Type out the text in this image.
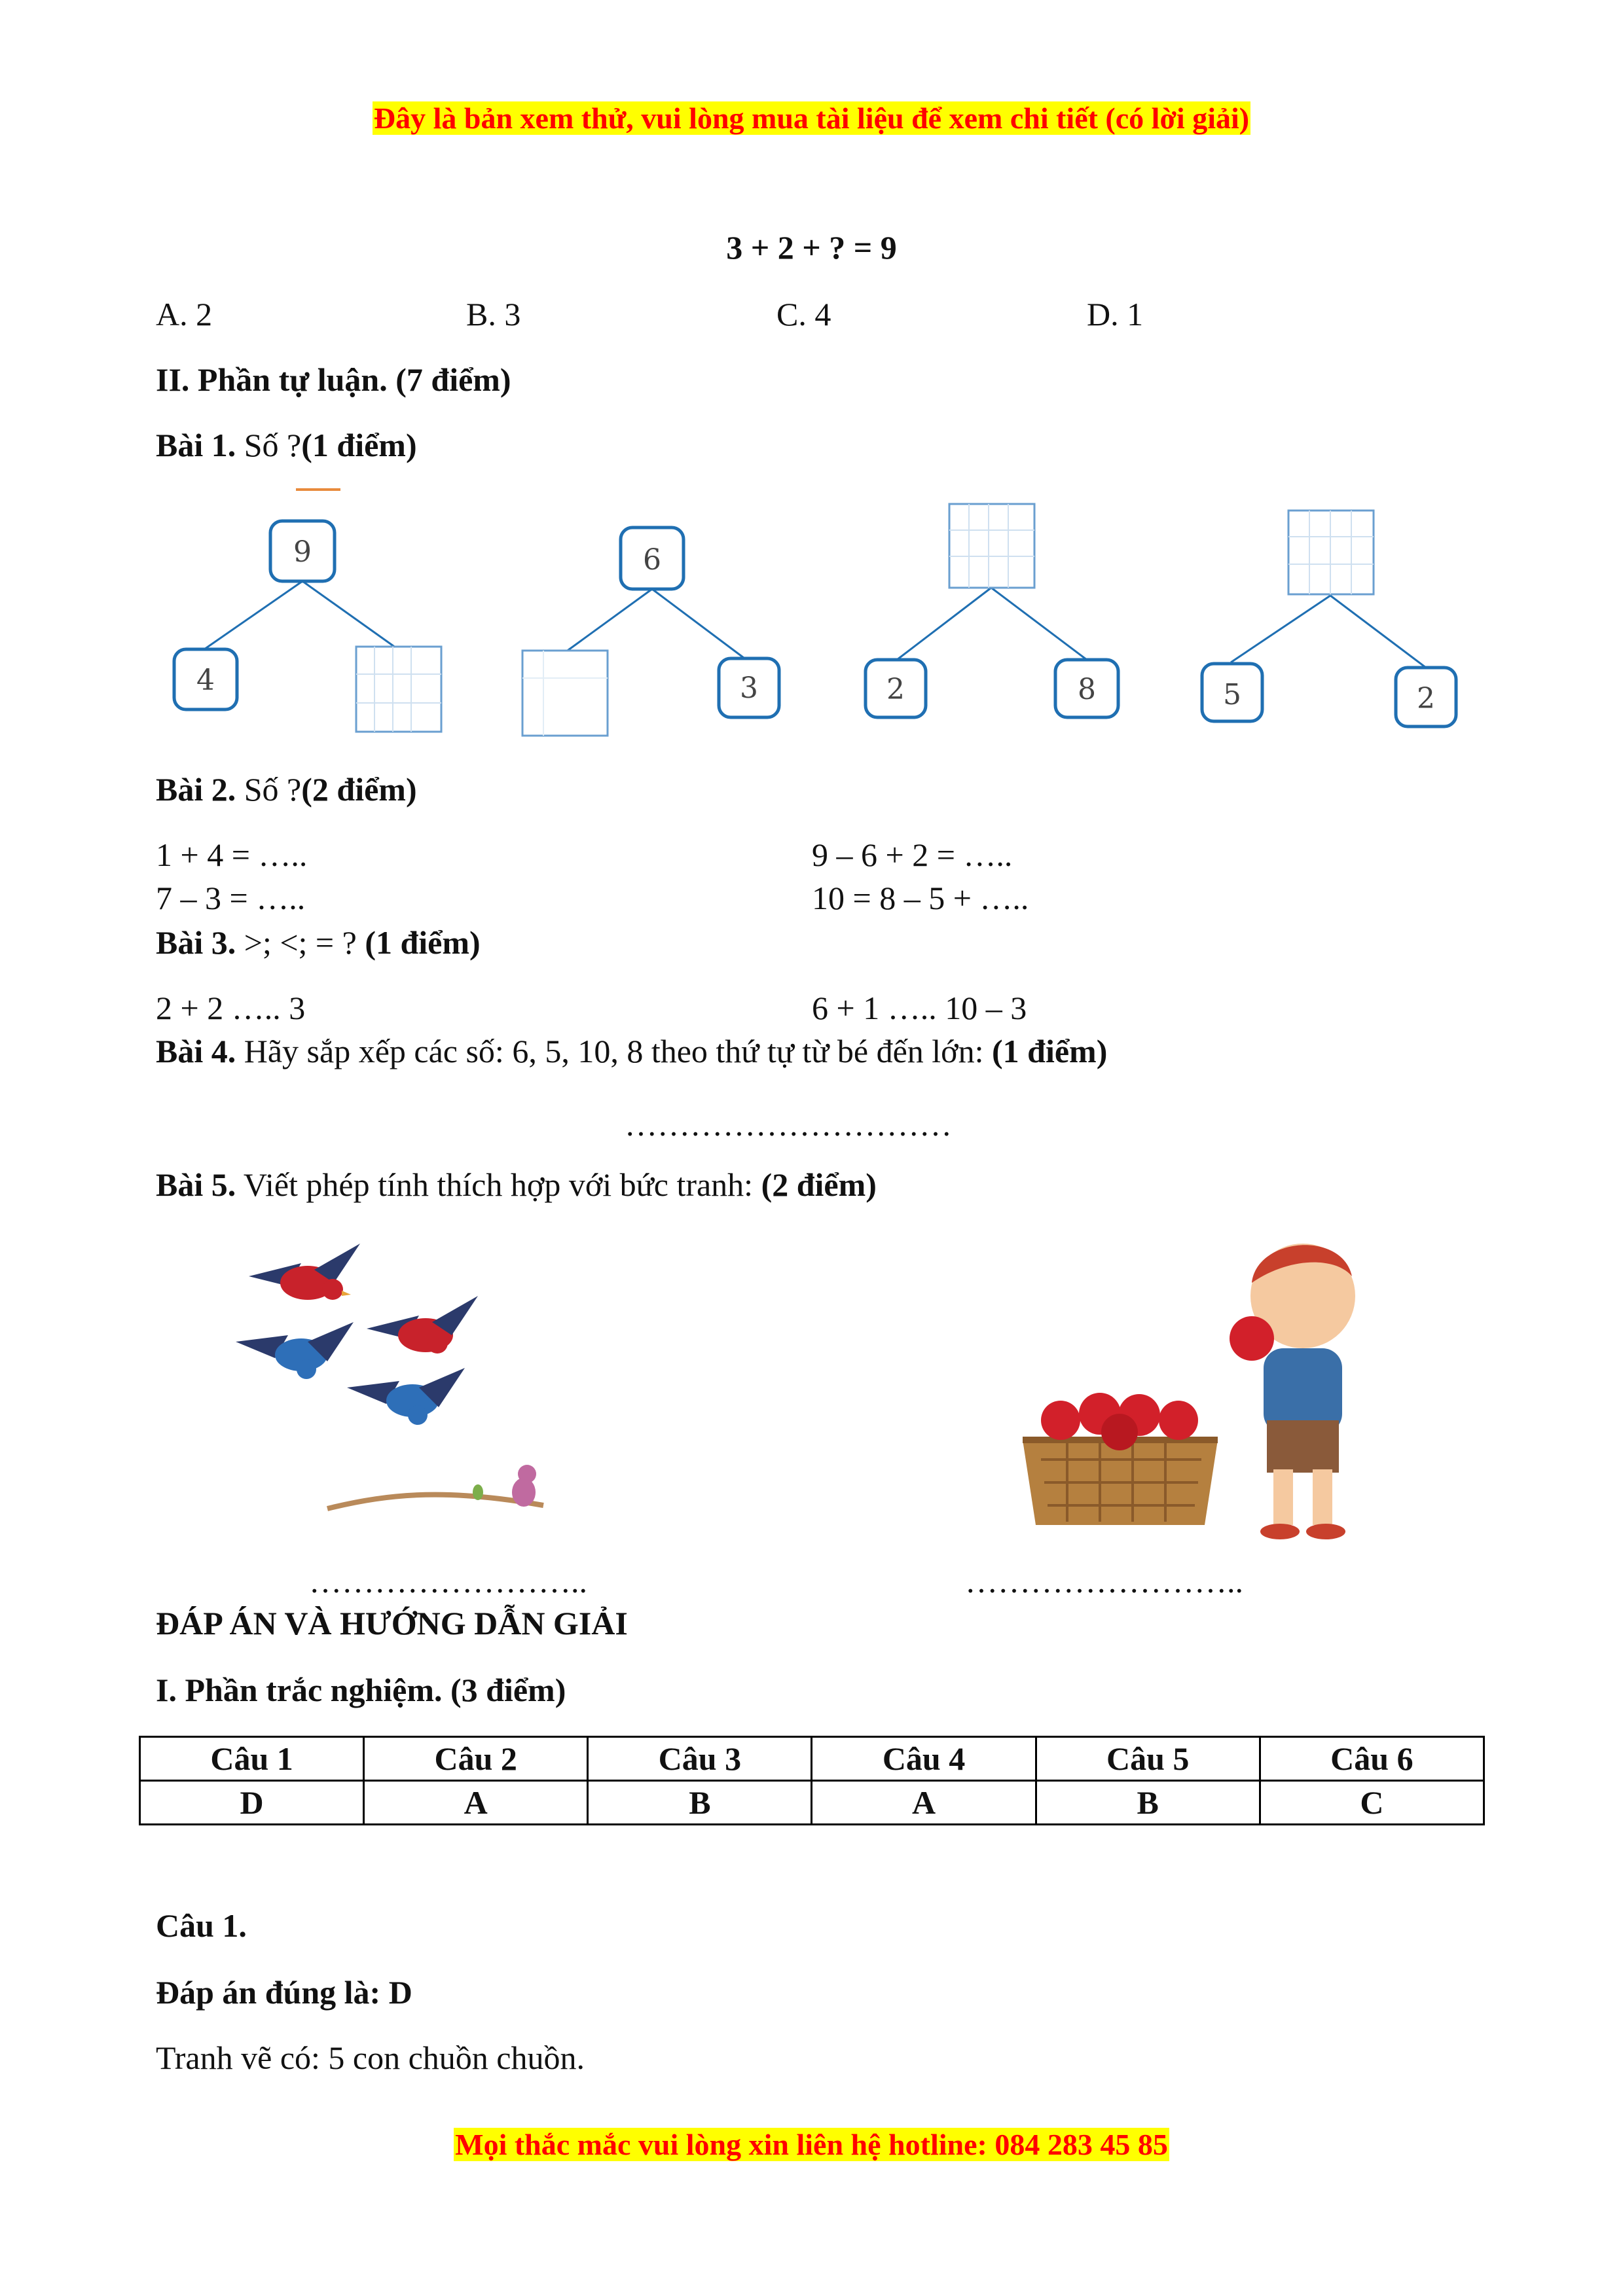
Đây là bản xem thử, vui lòng mua tài liệu để xem chi tiết (có lời giải)
3 + 2 + ? = 9
A. 2	B. 3	C. 4	D. 1
II. Phần tự luận. (7 điểm)
Bài 1. Số ?(1 điểm)
9
4
6
3	2	8	5	2
Bài 2. Số ?(2 điểm)
1 + 4 = …..	9 – 6 + 2 = …..
7 – 3 = …..	10 = 8 – 5 + …..
Bài 3. >; <; = ? (1 điểm)
2 + 2 ….. 3	6 + 1 ….. 10 – 3
Bài 4. Hãy sắp xếp các số: 6, 5, 10, 8 theo thứ tự từ bé đến lớn: (1 điểm)
…………………………
Bài 5. Viết phép tính thích hợp với bức tranh: (2 điểm)
……………………..	……………………..
ĐÁP ÁN VÀ HƯỚNG DẪN GIẢI
I. Phần trắc nghiệm. (3 điểm)
Câu 1	Câu 2	Câu 3	Câu 4	Câu 5	Câu 6
D	A	B	A	B	C
Câu 1.
Đáp án đúng là: D
Tranh vẽ có: 5 con chuồn chuồn.
Mọi thắc mắc vui lòng xin liên hệ hotline: 084 283 45 85
